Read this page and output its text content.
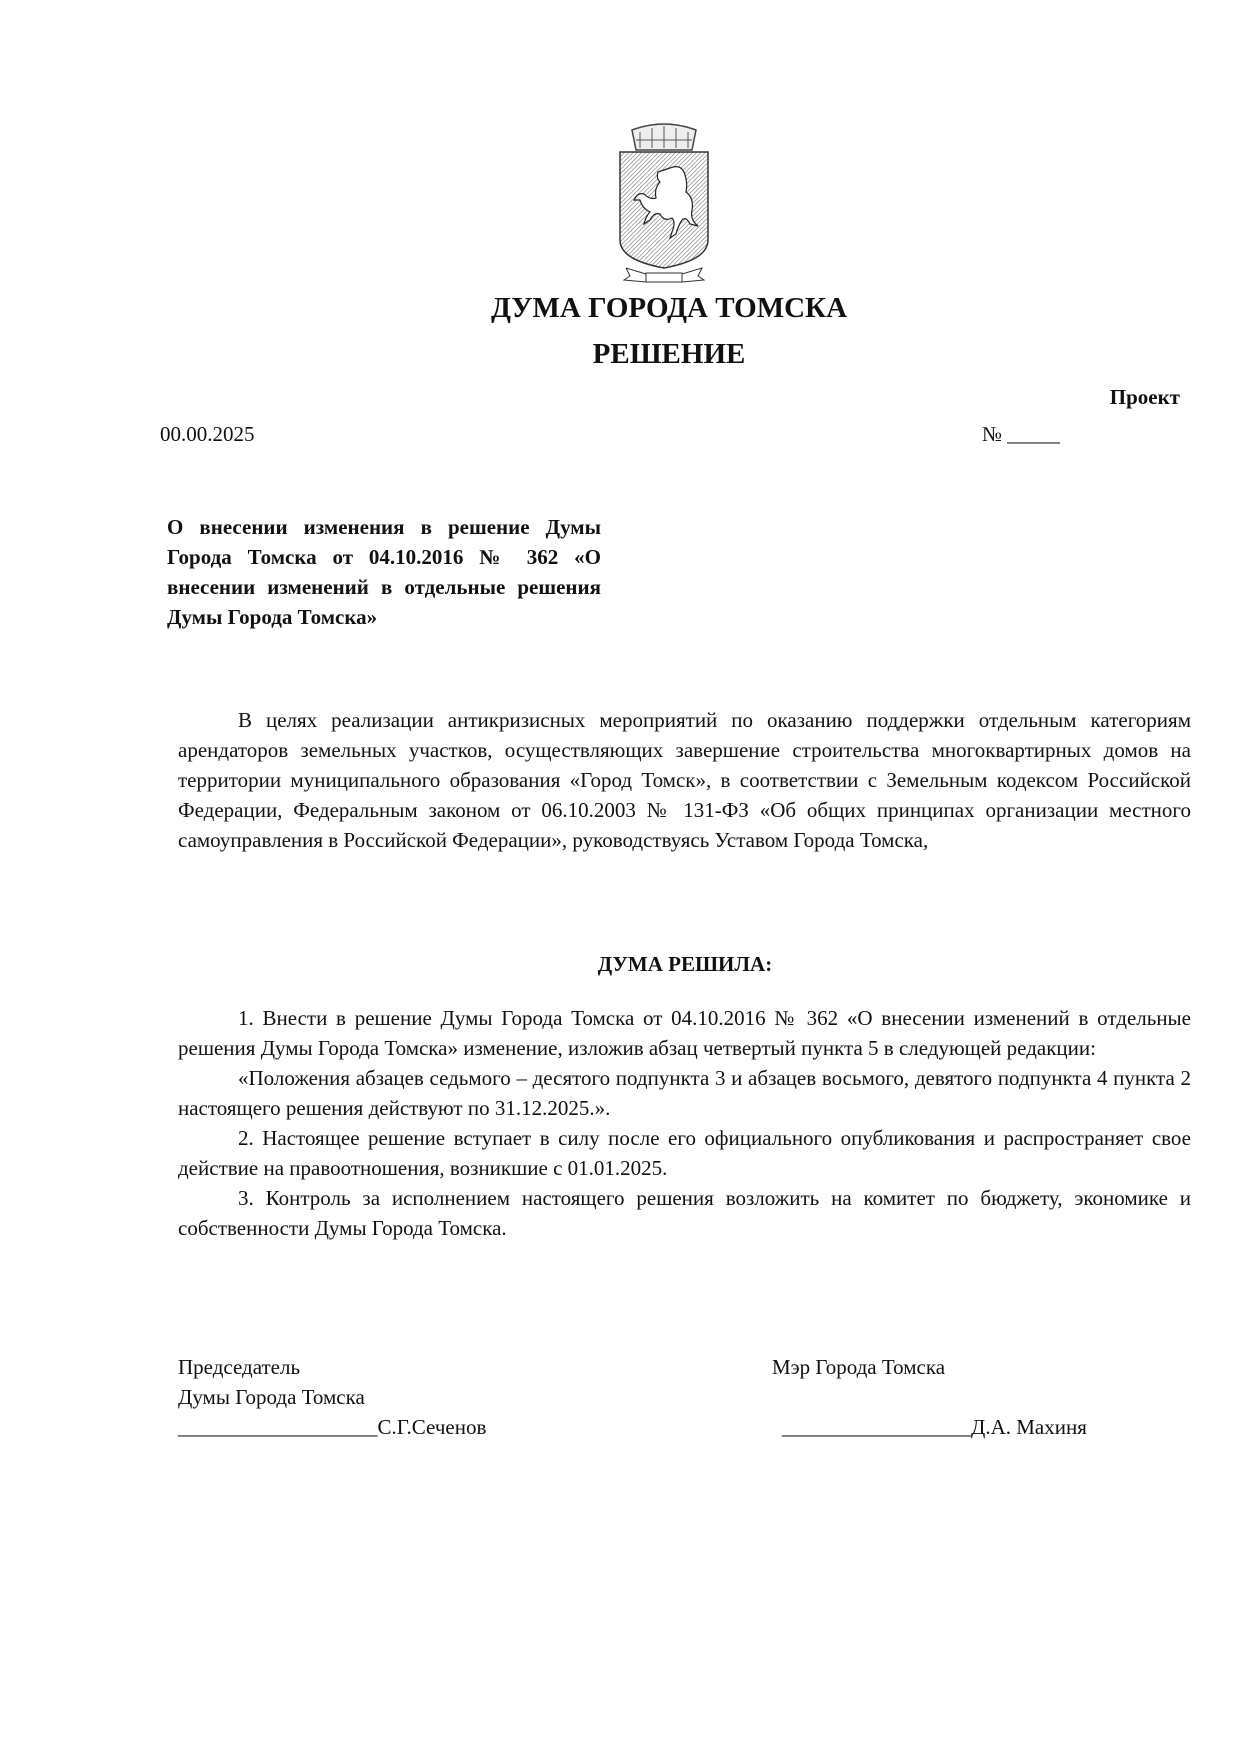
ДУМА ГОРОДА ТОМСКА
РЕШЕНИЕ
Проект
00.00.2025	№ _____
О внесении изменения в решение Думы Города Томска от 04.10.2016 № 362 «О внесении изменений в отдельные решения Думы Города Томска»

В целях реализации антикризисных мероприятий по оказанию поддержки отдельным категориям арендаторов земельных участков, осуществляющих завершение строительства многоквартирных домов на территории муниципального образования «Город Томск», в соответствии с Земельным кодексом Российской Федерации, Федеральным законом от 06.10.2003 № 131-ФЗ «Об общих принципах организации местного самоуправления в Российской Федерации», руководствуясь Уставом Города Томска,

ДУМА РЕШИЛА:

1. Внести в решение Думы Города Томска от 04.10.2016 № 362 «О внесении изменений в отдельные решения Думы Города Томска» изменение, изложив абзац четвертый пункта 5 в следующей редакции:

«Положения абзацев седьмого – десятого подпункта 3 и абзацев восьмого, девятого подпункта 4 пункта 2 настоящего решения действуют по 31.12.2025.».

2. Настоящее решение вступает в силу после его официального опубликования и распространяет свое действие на правоотношения, возникшие с 01.01.2025.

3. Контроль за исполнением настоящего решения возложить на комитет по бюджету, экономике и собственности Думы Города Томска.

Председатель
Думы Города Томска
___________________С.Г.Сеченов
Мэр Города Томска

__________________Д.А. Махиня
